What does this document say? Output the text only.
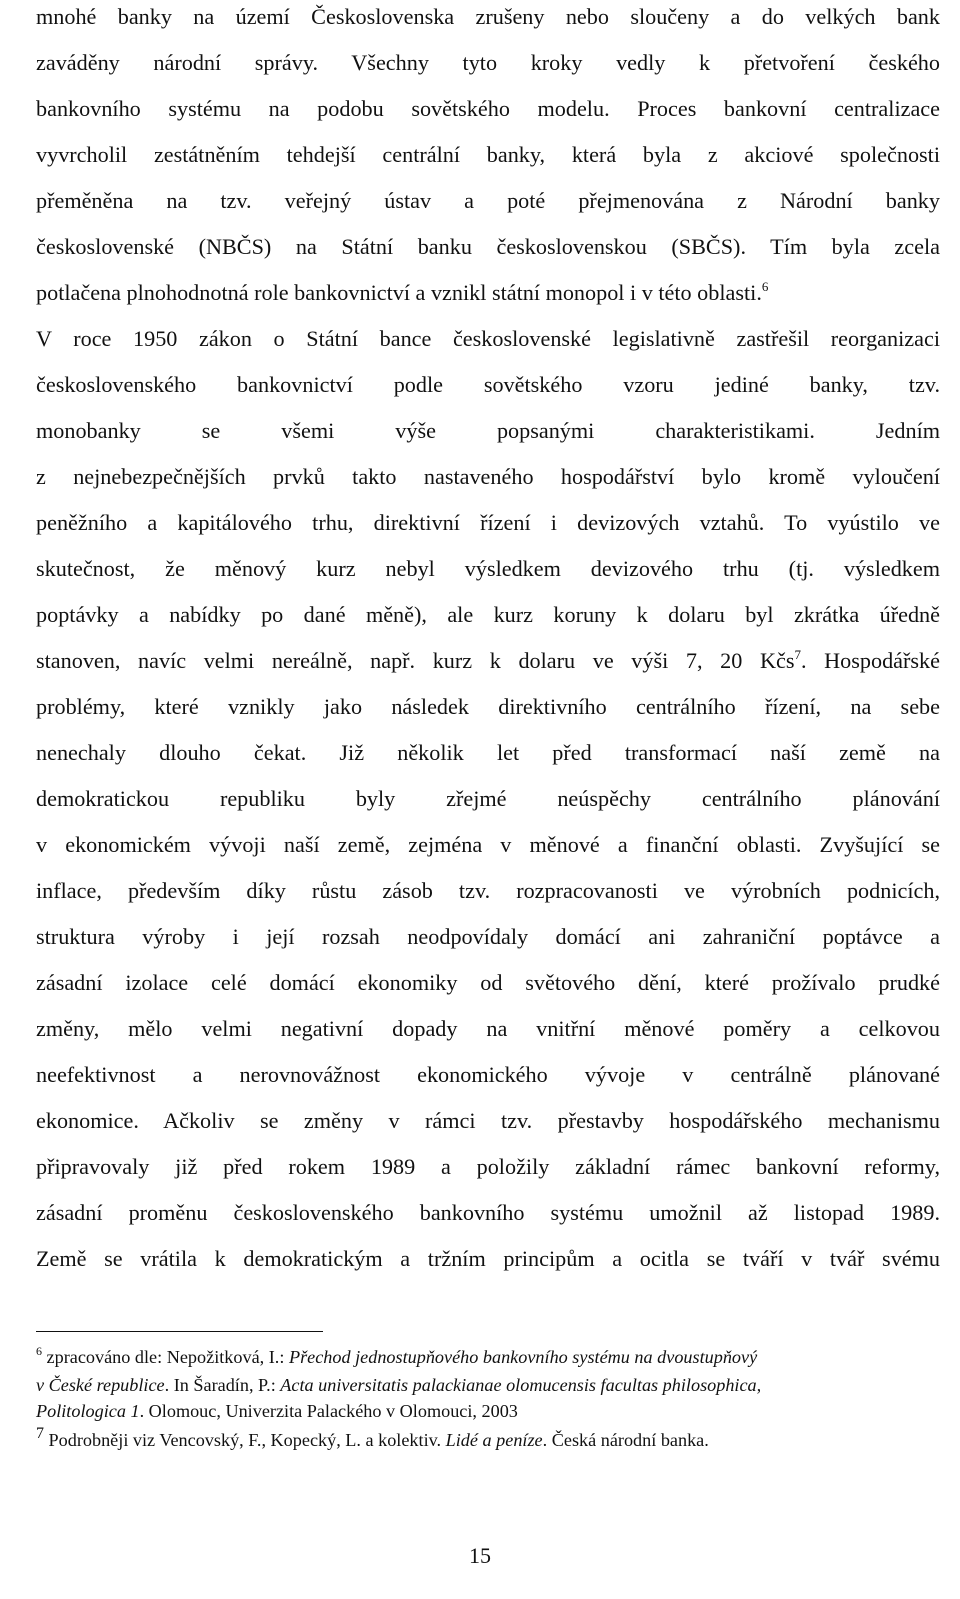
mnohé banky na území Československa zrušeny nebo sloučeny a do velkých bank
zaváděny národní správy. Všechny tyto kroky vedly k přetvoření českého
bankovního systému na podobu sovětského modelu. Proces bankovní centralizace
vyvrcholil zestátněním tehdejší centrální banky, která byla z akciové společnosti
přeměněna na tzv. veřejný ústav a poté přejmenována z Národní banky
československé (NBČS) na Státní banku československou (SBČS). Tím byla zcela
potlačena plnohodnotná role bankovnictví a vznikl státní monopol i v této oblasti.$^6$
V roce 1950 zákon o Státní bance československé legislativně zastřešil reorganizaci
československého bankovnictví podle sovětského vzoru jediné banky, tzv.
monobanky se všemi výše popsanými charakteristikami. Jedním
z nejnebezpečnějších prvků takto nastaveného hospodářství bylo kromě vyloučení
peněžního a kapitálového trhu, direktivní řízení i devizových vztahů. To vyústilo ve
skutečnost, že měnový kurz nebyl výsledkem devizového trhu (tj. výsledkem
poptávky a nabídky po dané měně), ale kurz koruny k dolaru byl zkrátka úředně
stanoven, navíc velmi nereálně, např. kurz k dolaru ve výši 7, 20 Kčs$^7$. Hospodářské
problémy, které vznikly jako následek direktivního centrálního řízení, na sebe
nenechaly dlouho čekat. Již několik let před transformací naší země na
demokratickou republiku byly zřejmé neúspěchy centrálního plánování
v ekonomickém vývoji naší země, zejména v měnové a finanční oblasti. Zvyšující se
inflace, především díky růstu zásob tzv. rozpracovanosti ve výrobních podnicích,
struktura výroby i její rozsah neodpovídaly domácí ani zahraniční poptávce a
zásadní izolace celé domácí ekonomiky od světového dění, které prožívalo prudké
změny, mělo velmi negativní dopady na vnitřní měnové poměry a celkovou
neefektivnost a nerovnovážnost ekonomického vývoje v centrálně plánované
ekonomice. Ačkoliv se změny v rámci tzv. přestavby hospodářského mechanismu
připravovaly již před rokem 1989 a položily základní rámec bankovní reformy,
zásadní proměnu československého bankovního systému umožnil až listopad 1989.
Země se vrátila k demokratickým a tržním principům a ocitla se tváří v tvář svému
$^6$ zpracováno dle: Nepožitková, I.: Přechod jednostupňového bankovního systému na dvoustupňový
v České republice. In Šaradín, P.: Acta universitatis palackianae olomucensis facultas philosophica,
Politologica 1. Olomouc, Univerzita Palackého v Olomouci, 2003
7 Podrobněji viz Vencovský, F., Kopecký, L. a kolektiv. Lidé a peníze. Česká národní banka.
15
